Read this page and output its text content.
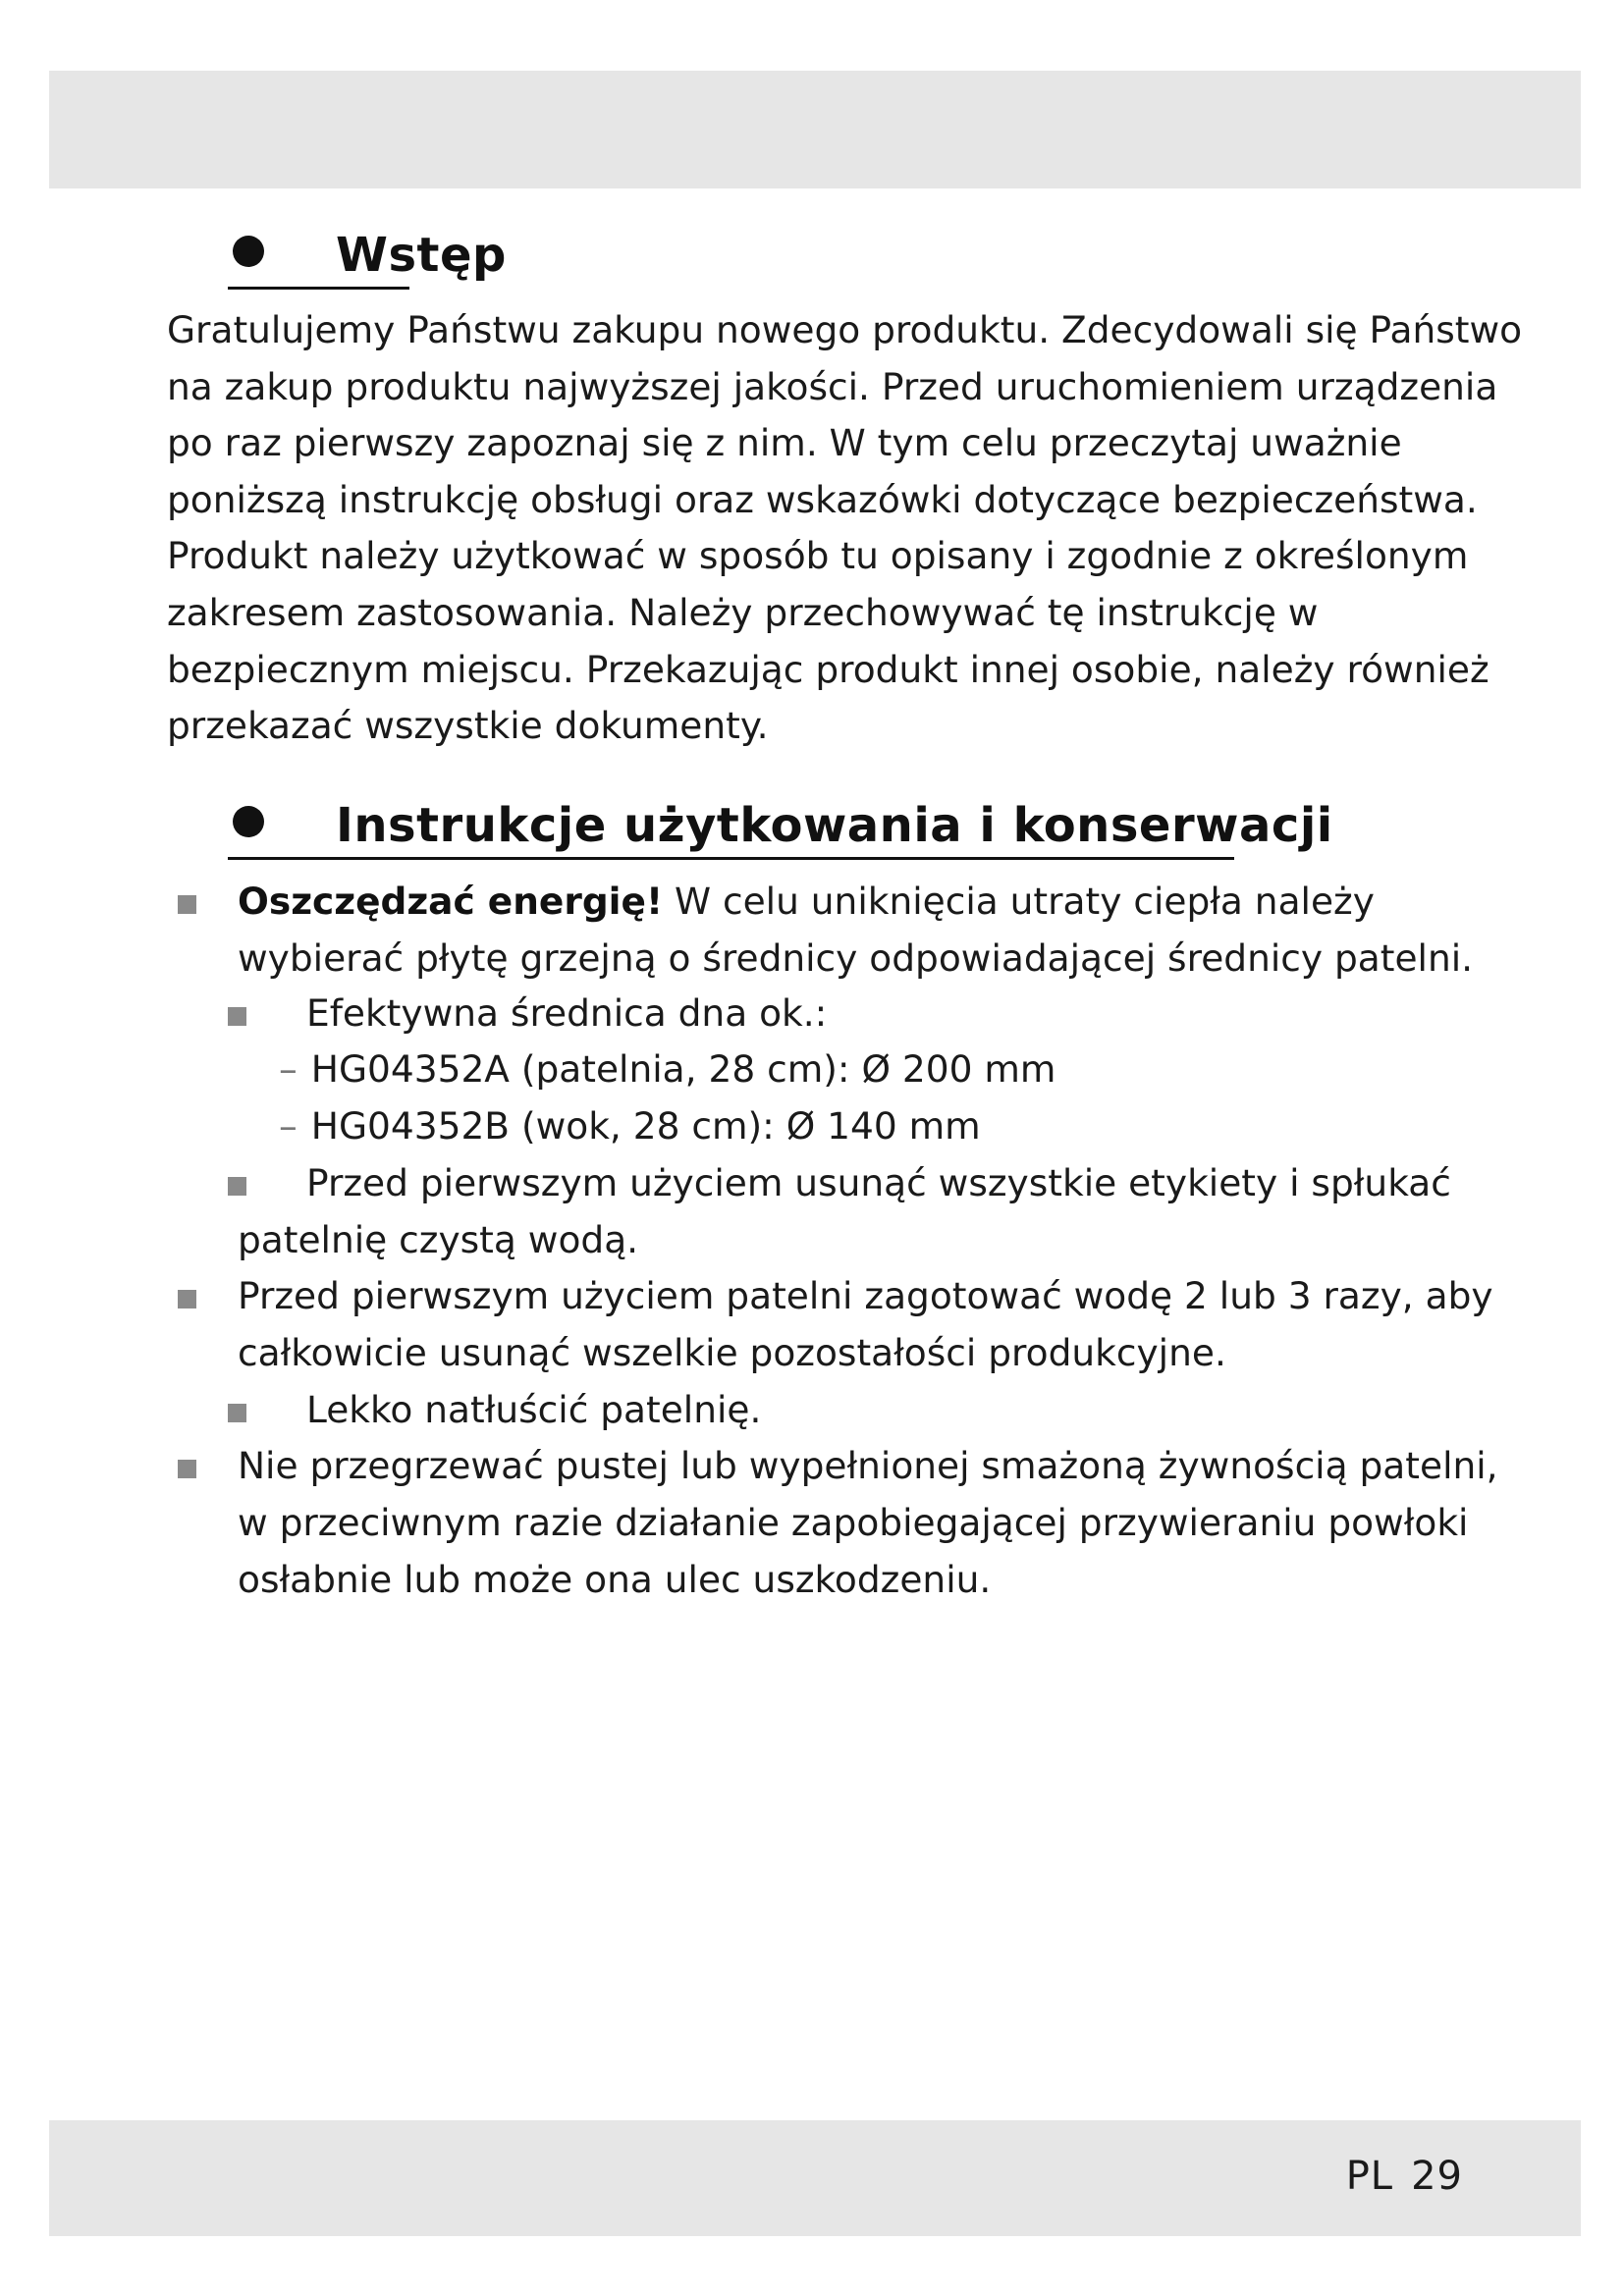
Wstęp
Gratulujemy Państwu zakupu nowego produktu. Zdecydowali się Państwo
na zakup produktu najwyższej jakości. Przed uruchomieniem urządzenia
po raz pierwszy zapoznaj się z nim. W tym celu przeczytaj uważnie
poniższą instrukcję obsługi oraz wskazówki dotyczące bezpieczeństwa.
Produkt należy użytkować w sposób tu opisany i zgodnie z określonym
zakresem zastosowania. Należy przechowywać tę instrukcję w
bezpiecznym miejscu. Przekazując produkt innej osobie, należy również
przekazać wszystkie dokumenty.
Instrukcje użytkowania i konserwacji
Oszczędzać energię! W celu uniknięcia utraty ciepła należy
wybierać płytę grzejną o średnicy odpowiadającej średnicy patelni.
Efektywna średnica dna ok.:
– HG04352A (patelnia, 28 cm): Ø 200 mm
– HG04352B (wok, 28 cm): Ø 140 mm
Przed pierwszym użyciem usunąć wszystkie etykiety i spłukać
patelnię czystą wodą.
Przed pierwszym użyciem patelni zagotować wodę 2 lub 3 razy, aby
całkowicie usunąć wszelkie pozostałości produkcyjne.
Lekko natłuścić patelnię.
Nie przegrzewać pustej lub wypełnionej smażoną żywnością patelni,
w przeciwnym razie działanie zapobiegającej przywieraniu powłoki
osłabnie lub może ona ulec uszkodzeniu.
PL 29
